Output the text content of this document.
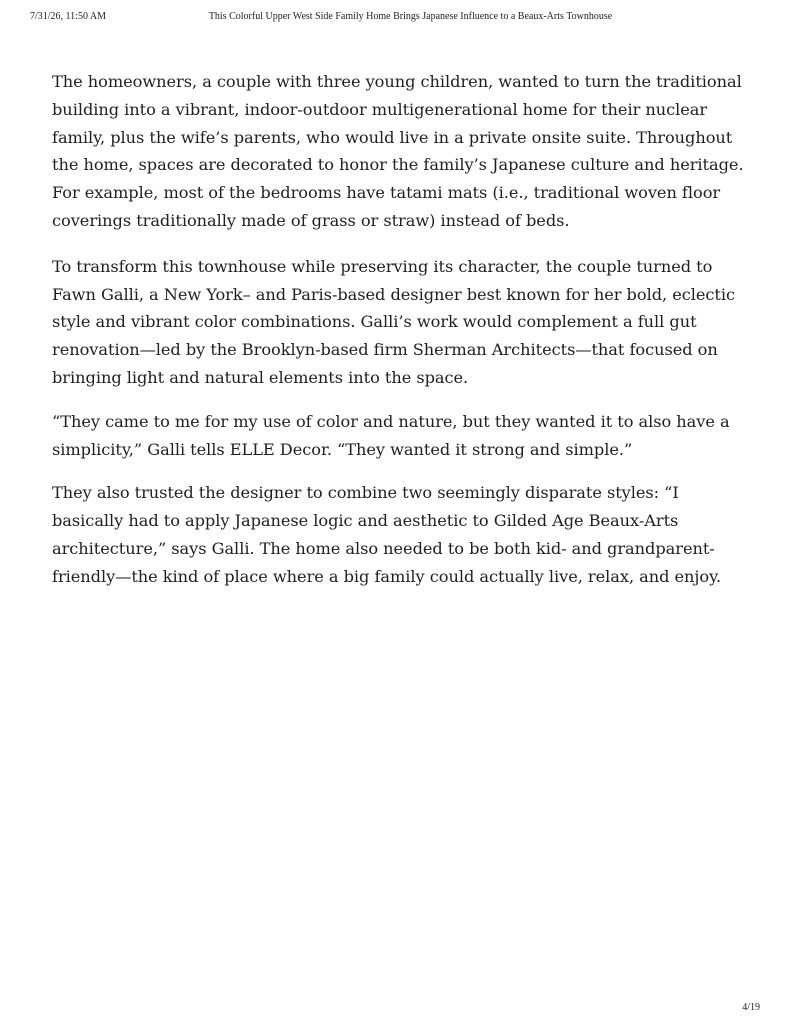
7/31/26, 11:50 AM	This Colorful Upper West Side Family Home Brings Japanese Influence to a Beaux-Arts Townhouse

The homeowners, a couple with three young children, wanted to turn the traditional building into a vibrant, indoor-outdoor multigenerational home for their nuclear family, plus the wife’s parents, who would live in a private onsite suite. Throughout the home, spaces are decorated to honor the family’s Japanese culture and heritage. For example, most of the bedrooms have tatami mats (i.e., traditional woven floor coverings traditionally made of grass or straw) instead of beds.

To transform this townhouse while preserving its character, the couple turned to Fawn Galli, a New York– and Paris-based designer best known for her bold, eclectic style and vibrant color combinations. Galli’s work would complement a full gut renovation—led by the Brooklyn-based firm Sherman Architects—that focused on bringing light and natural elements into the space.

“They came to me for my use of color and nature, but they wanted it to also have a simplicity,” Galli tells ELLE Decor. “They wanted it strong and simple.”

They also trusted the designer to combine two seemingly disparate styles: “I basically had to apply Japanese logic and aesthetic to Gilded Age Beaux-Arts architecture,” says Galli. The home also needed to be both kid- and grandparent-friendly—the kind of place where a big family could actually live, relax, and enjoy.

4/19
